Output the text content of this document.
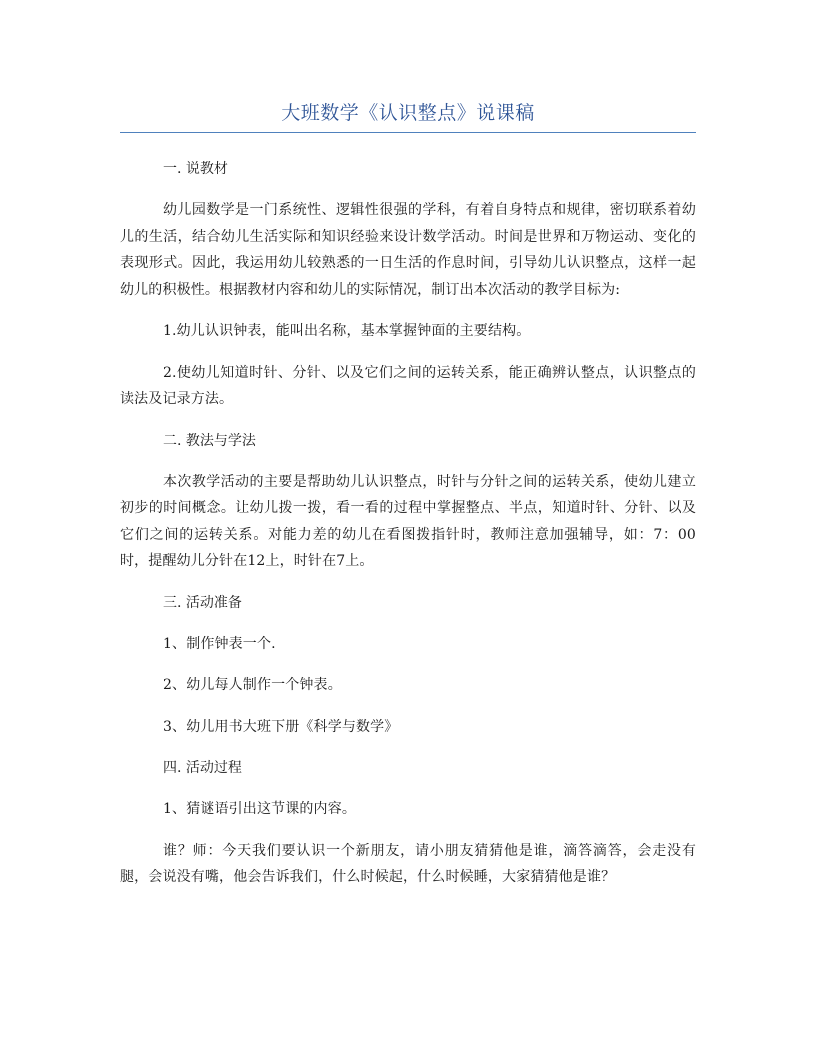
大班数学《认识整点》说课稿

一. 说教材

幼儿园数学是一门系统性、逻辑性很强的学科，有着自身特点和规律，密切联系着幼儿的生活，结合幼儿生活实际和知识经验来设计数学活动。时间是世界和万物运动、变化的表现形式。因此，我运用幼儿较熟悉的一日生活的作息时间，引导幼儿认识整点，这样一起幼儿的积极性。根据教材内容和幼儿的实际情况，制订出本次活动的教学目标为:

1.幼儿认识钟表，能叫出名称，基本掌握钟面的主要结构。

2.使幼儿知道时针、分针、以及它们之间的运转关系，能正确辨认整点，认识整点的读法及记录方法。

二. 教法与学法

本次教学活动的主要是帮助幼儿认识整点，时针与分针之间的运转关系，使幼儿建立初步的时间概念。让幼儿拨一拨，看一看的过程中掌握整点、半点，知道时针、分针、以及它们之间的运转关系。对能力差的幼儿在看图拨指针时，教师注意加强辅导，如：7：00时，提醒幼儿分针在12上，时针在7上。

三. 活动准备

1、制作钟表一个.

2、幼儿每人制作一个钟表。

3、幼儿用书大班下册《科学与数学》

四. 活动过程

1、猜谜语引出这节课的内容。

谁？师：今天我们要认识一个新朋友，请小朋友猜猜他是谁，滴答滴答，会走没有腿，会说没有嘴，他会告诉我们，什么时候起，什么时候睡，大家猜猜他是谁？
